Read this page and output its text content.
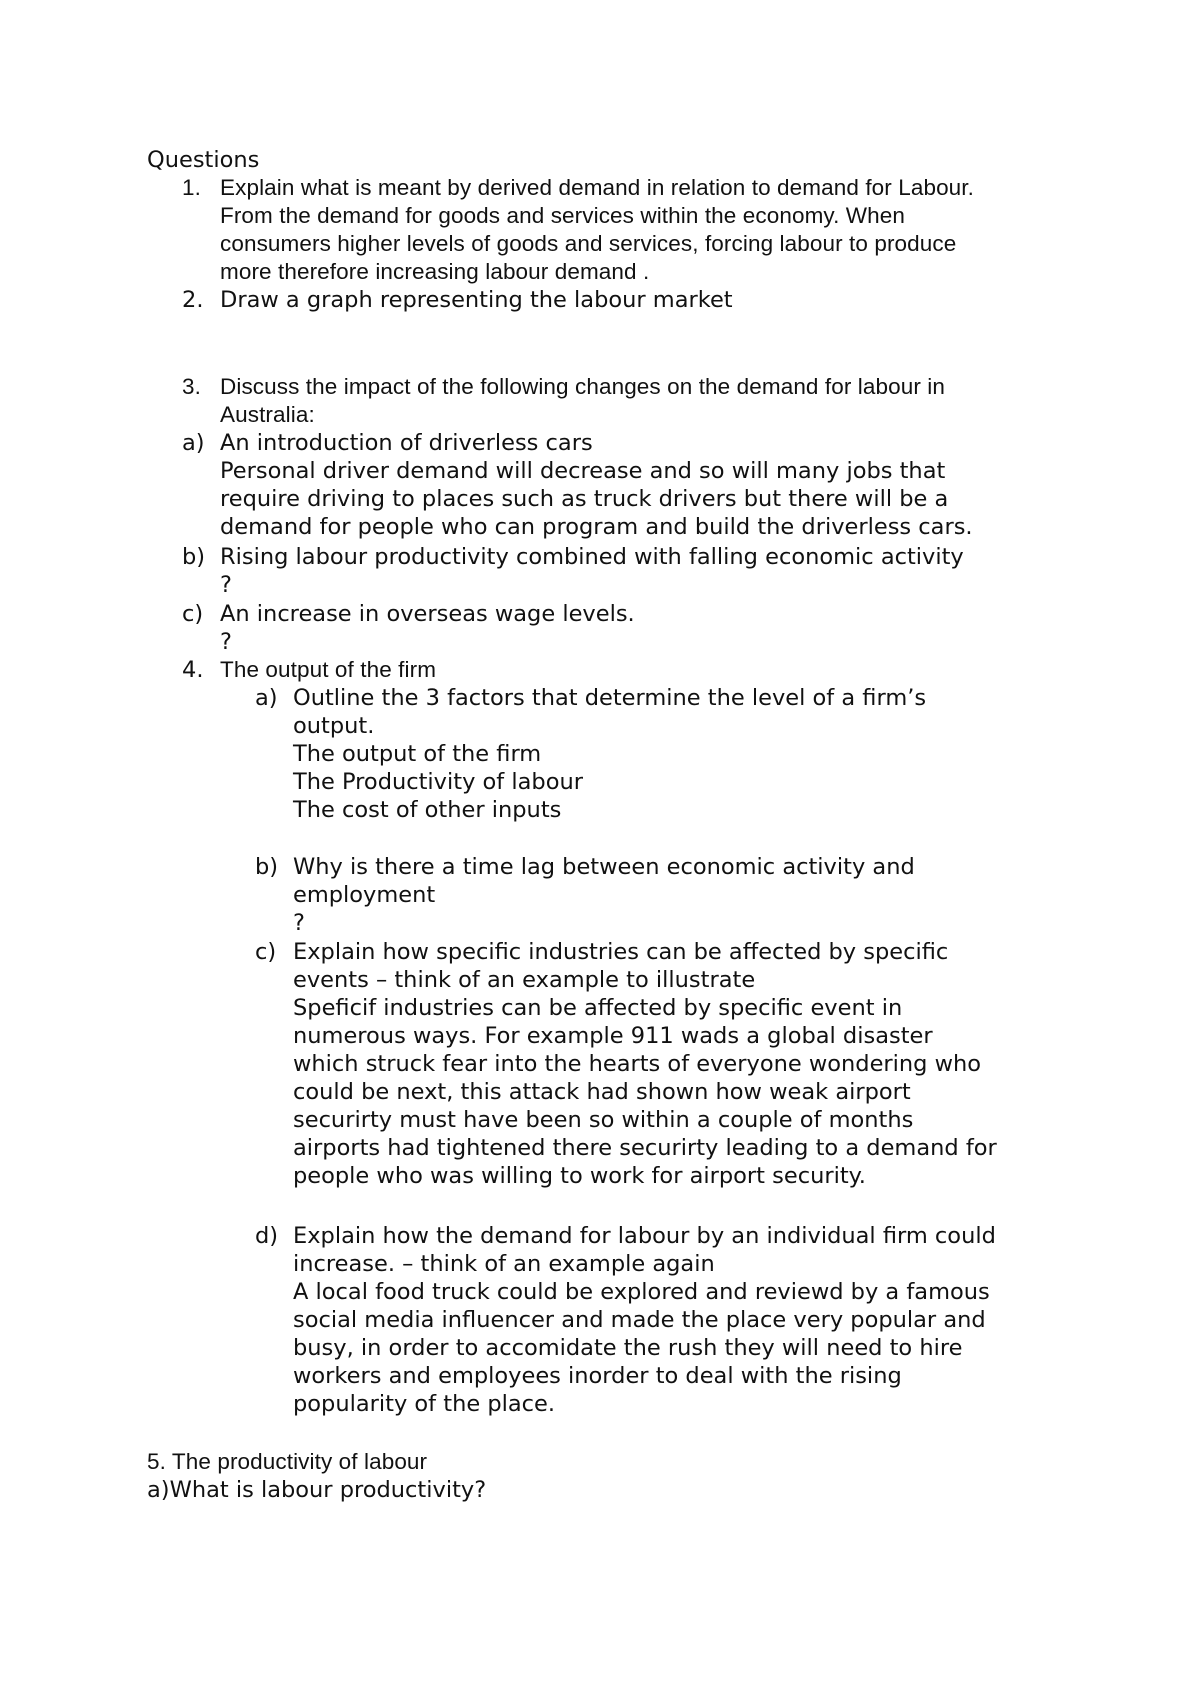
Questions
1. Explain what is meant by derived demand in relation to demand for Labour.
From the demand for goods and services within the economy. When
consumers higher levels of goods and services, forcing labour to produce
more therefore increasing labour demand .
2. Draw a graph representing the labour market
3. Discuss the impact of the following changes on the demand for labour in
Australia:
a) An introduction of driverless cars
Personal driver demand will decrease and so will many jobs that
require driving to places such as truck drivers but there will be a
demand for people who can program and build the driverless cars.
b) Rising labour productivity combined with falling economic activity
?
c) An increase in overseas wage levels.
?
4. The output of the firm
a) Outline the 3 factors that determine the level of a firm’s
output.
The output of the firm
The Productivity of labour
The cost of other inputs
b) Why is there a time lag between economic activity and
employment
?
c) Explain how specific industries can be affected by specific
events – think of an example to illustrate
Speficif industries can be affected by specific event in
numerous ways. For example 911 wads a global disaster
which struck fear into the hearts of everyone wondering who
could be next, this attack had shown how weak airport
securirty must have been so within a couple of months
airports had tightened there securirty leading to a demand for
people who was willing to work for airport security.
d) Explain how the demand for labour by an individual firm could
increase. – think of an example again
A local food truck could be explored and reviewd by a famous
social media influencer and made the place very popular and
busy, in order to accomidate the rush they will need to hire
workers and employees inorder to deal with the rising
popularity of the place.
5. The productivity of labour
a)What is labour productivity?
